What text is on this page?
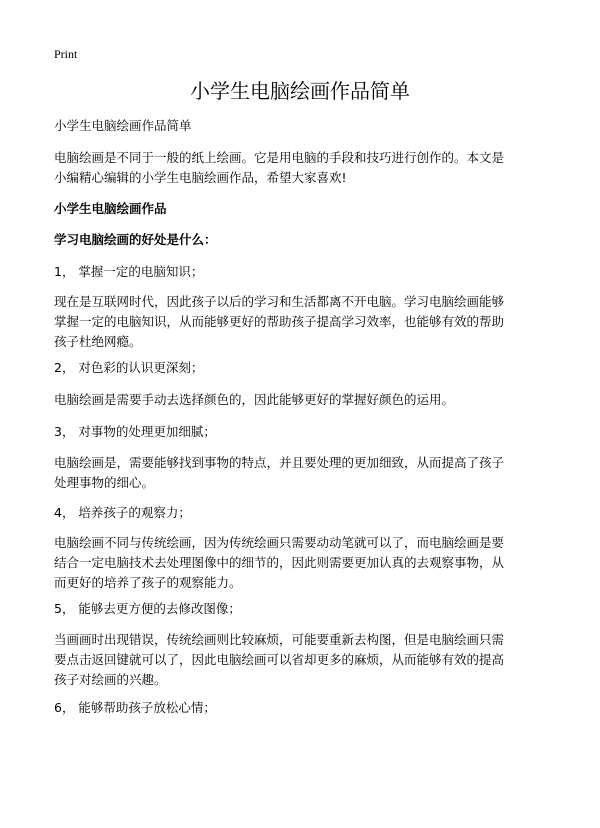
Print
小学生电脑绘画作品简单

小学生电脑绘画作品简单

电脑绘画是不同于一般的纸上绘画。它是用电脑的手段和技巧进行创作的。本文是
小编精心编辑的小学生电脑绘画作品，希望大家喜欢!

小学生电脑绘画作品

学习电脑绘画的好处是什么：

1， 掌握一定的电脑知识；

现在是互联网时代，因此孩子以后的学习和生活都离不开电脑。学习电脑绘画能够
掌握一定的电脑知识，从而能够更好的帮助孩子提高学习效率，也能够有效的帮助
孩子杜绝网瘾。

2， 对色彩的认识更深刻；

电脑绘画是需要手动去选择颜色的，因此能够更好的掌握好颜色的运用。

3， 对事物的处理更加细腻；

电脑绘画是，需要能够找到事物的特点，并且要处理的更加细致，从而提高了孩子
处理事物的细心。

4， 培养孩子的观察力；

电脑绘画不同与传统绘画，因为传统绘画只需要动动笔就可以了，而电脑绘画是要
结合一定电脑技术去处理图像中的细节的，因此则需要更加认真的去观察事物，从
而更好的培养了孩子的观察能力。

5， 能够去更方便的去修改图像；

当画画时出现错误，传统绘画则比较麻烦，可能要重新去构图，但是电脑绘画只需
要点击返回键就可以了，因此电脑绘画可以省却更多的麻烦，从而能够有效的提高
孩子对绘画的兴趣。

6， 能够帮助孩子放松心情；
